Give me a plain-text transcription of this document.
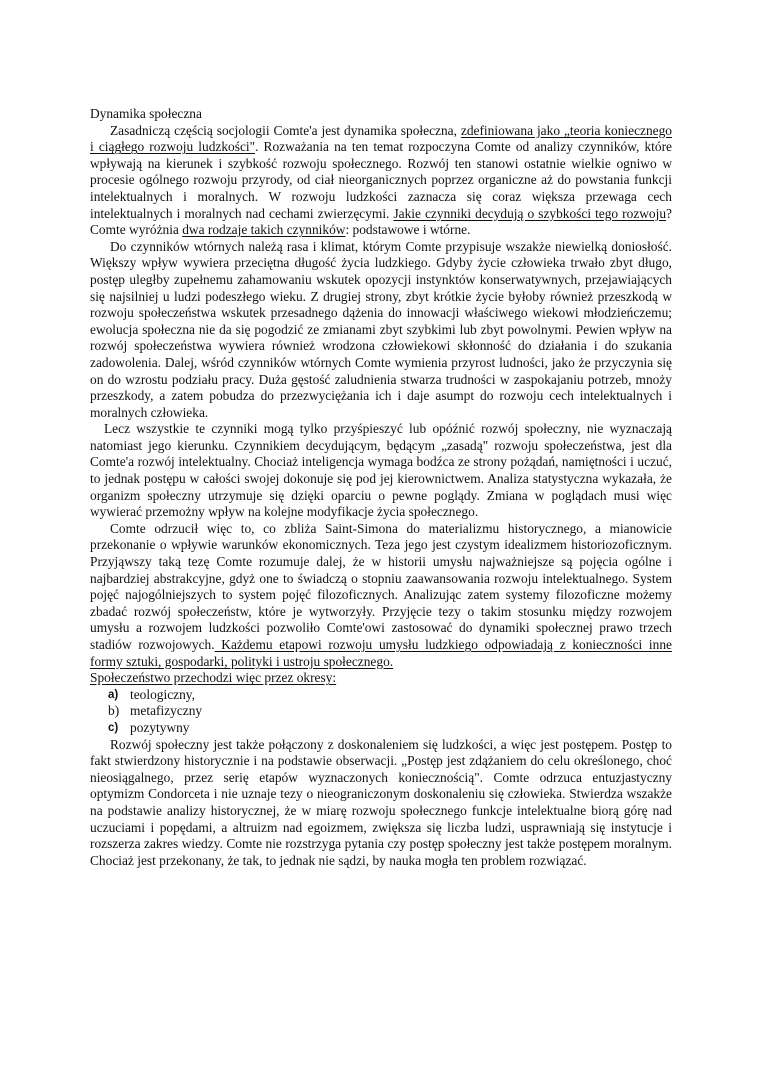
Dynamika społeczna

Zasadniczą częścią socjologii Comte'a jest dynamika społeczna, zdefiniowana jako „teoria koniecznego i ciągłego rozwoju ludzkości". Rozważania na ten temat rozpoczyna Comte od analizy czynników, które wpływają na kierunek i szybkość rozwoju społecznego. Rozwój ten stanowi ostatnie wielkie ogniwo w procesie ogólnego rozwoju przyrody, od ciał nieorganicznych poprzez organiczne aż do powstania funkcji intelektualnych i moralnych. W rozwoju ludzkości zaznacza się coraz większa przewaga cech intelektualnych i moralnych nad cechami zwierzęcymi. Jakie czynniki decydują o szybkości tego rozwoju? Comte wyróżnia dwa rodzaje takich czynników: podstawowe i wtórne.

Do czynników wtórnych należą rasa i klimat, którym Comte przypisuje wszakże niewielką doniosłość. Większy wpływ wywiera przeciętna długość życia ludzkiego. Gdyby życie człowieka trwało zbyt długo, postęp uległby zupełnemu zahamowaniu wskutek opozycji instynktów konserwatywnych, przejawiających się najsilniej u ludzi podeszłego wieku. Z drugiej strony, zbyt krótkie życie byłoby również przeszkodą w rozwoju społeczeństwa wskutek przesadnego dążenia do innowacji właściwego wiekowi młodzieńczemu; ewolucja społeczna nie da się pogodzić ze zmianami zbyt szybkimi lub zbyt powolnymi. Pewien wpływ na rozwój społeczeństwa wywiera również wrodzona człowiekowi skłonność do działania i do szukania zadowolenia. Dalej, wśród czynników wtórnych Comte wymienia przyrost ludności, jako że przyczynia się on do wzrostu podziału pracy. Duża gęstość zaludnienia stwarza trudności w zaspokajaniu potrzeb, mnoży przeszkody, a zatem pobudza do przezwyciężania ich i daje asumpt do rozwoju cech intelektualnych i moralnych człowieka.

Lecz wszystkie te czynniki mogą tylko przyśpieszyć lub opóźnić rozwój społeczny, nie wyznaczają natomiast jego kierunku. Czynnikiem decydującym, będącym „zasadą" rozwoju społeczeństwa, jest dla Comte'a rozwój intelektualny. Chociaż inteligencja wymaga bodźca ze strony pożądań, namiętności i uczuć, to jednak postępu w całości swojej dokonuje się pod jej kierownictwem. Analiza statystyczna wykazała, że organizm społeczny utrzymuje się dzięki oparciu o pewne poglądy. Zmiana w poglądach musi więc wywierać przemożny wpływ na kolejne modyfikacje życia społecznego.

Comte odrzucił więc to, co zbliża Saint-Simona do materializmu historycznego, a mianowicie przekonanie o wpływie warunków ekonomicznych. Teza jego jest czystym idealizmem historiozoficznym. Przyjąwszy taką tezę Comte rozumuje dalej, że w historii umysłu najważniejsze są pojęcia ogólne i najbardziej abstrakcyjne, gdyż one to świadczą o stopniu zaawansowania rozwoju intelektualnego. System pojęć najogólniejszych to system pojęć filozoficznych. Analizując zatem systemy filozoficzne możemy zbadać rozwój społeczeństw, które je wytworzyły. Przyjęcie tezy o takim stosunku między rozwojem umysłu a rozwojem ludzkości pozwoliło Comte'owi zastosować do dynamiki społecznej prawo trzech stadiów rozwojowych. Każdemu etapowi rozwoju umysłu ludzkiego odpowiadają z konieczności inne formy sztuki, gospodarki, polityki i ustroju społecznego.

Społeczeństwo przechodzi więc przez okresy:

a) teologiczny,
b) metafizyczny
c) pozytywny

Rozwój społeczny jest także połączony z doskonaleniem się ludzkości, a więc jest postępem. Postęp to fakt stwierdzony historycznie i na podstawie obserwacji. „Postęp jest zdążaniem do celu określonego, choć nieosiągalnego, przez serię etapów wyznaczonych koniecznością". Comte odrzuca entuzjastyczny optymizm Condorceta i nie uznaje tezy o nieograniczonym doskonaleniu się człowieka. Stwierdza wszakże na podstawie analizy historycznej, że w miarę rozwoju społecznego funkcje intelektualne biorą górę nad uczuciami i popędami, a altruizm nad egoizmem, zwiększa się liczba ludzi, usprawniają się instytucje i rozszerza zakres wiedzy. Comte nie rozstrzyga pytania czy postęp społeczny jest także postępem moralnym. Chociaż jest przekonany, że tak, to jednak nie sądzi, by nauka mogła ten problem rozwiązać.
